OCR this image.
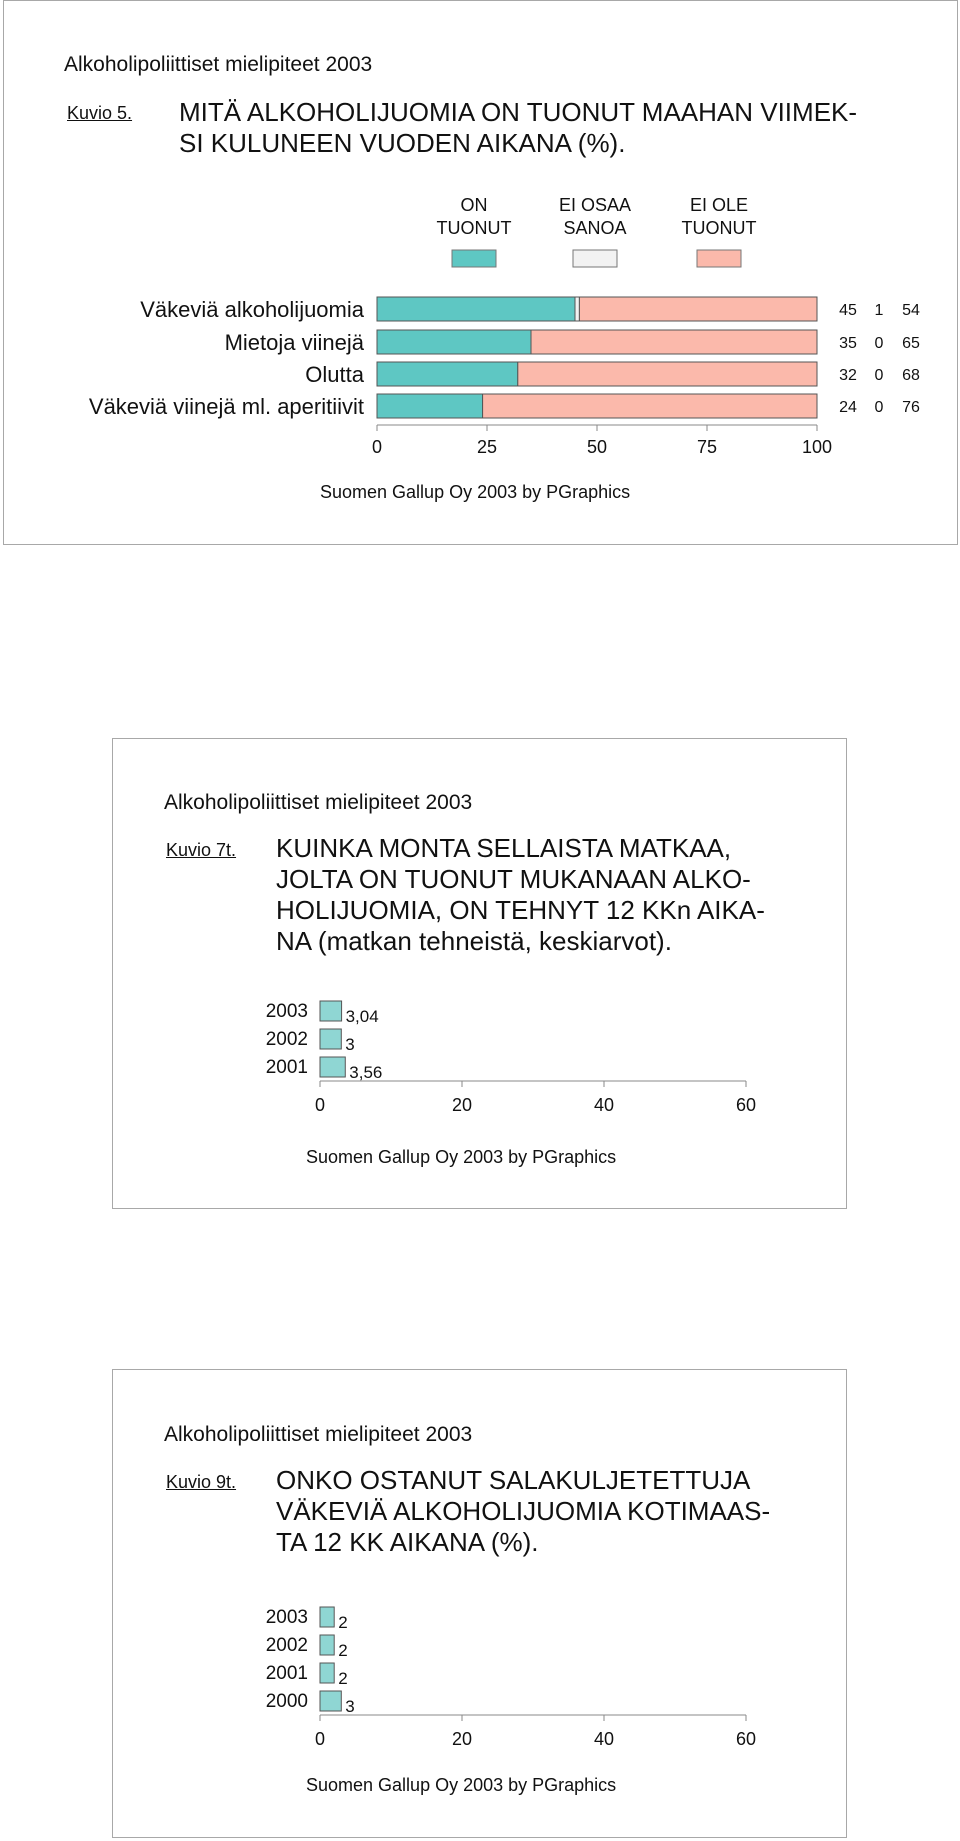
Alkoholipoliittiset mielipiteet 2003
Kuvio 5. MITÄ ALKOHOLIJUOMIA ON TUONUT MAAHAN VIIMEK-
SI KULUNEEN VUODEN AIKANA (%).
ON
TUONUT
EI OSAA
SANOA
EI OLE
TUONUT
Väkeviä alkoholijuomia	45 1 54
Mietoja viinejä	35 0 65
Olutta	32 0 68
Väkeviä viinejä ml. aperitiivit	24 0 76
0	25	50	75	100
Suomen Gallup Oy 2003 by PGraphics
Alkoholipoliittiset mielipiteet 2003
Kuvio 7t. KUINKA MONTA SELLAISTA MATKAA,
JOLTA ON TUONUT MUKANAAN ALKO-
HOLIJUOMIA, ON TEHNYT 12 KKn AIKA-
NA (matkan tehneistä, keskiarvot).
2003 3,04
2002 3
2001 3,56
0	20	40	60
Suomen Gallup Oy 2003 by PGraphics
Alkoholipoliittiset mielipiteet 2003
Kuvio 9t. ONKO OSTANUT SALAKULJETETTUJA
VÄKEVIÄ ALKOHOLIJUOMIA KOTIMAAS-
TA 12 KK AIKANA (%).
2003 2
2002 2
2001 2
2000 3
0	20	40	60
Suomen Gallup Oy 2003 by PGraphics
